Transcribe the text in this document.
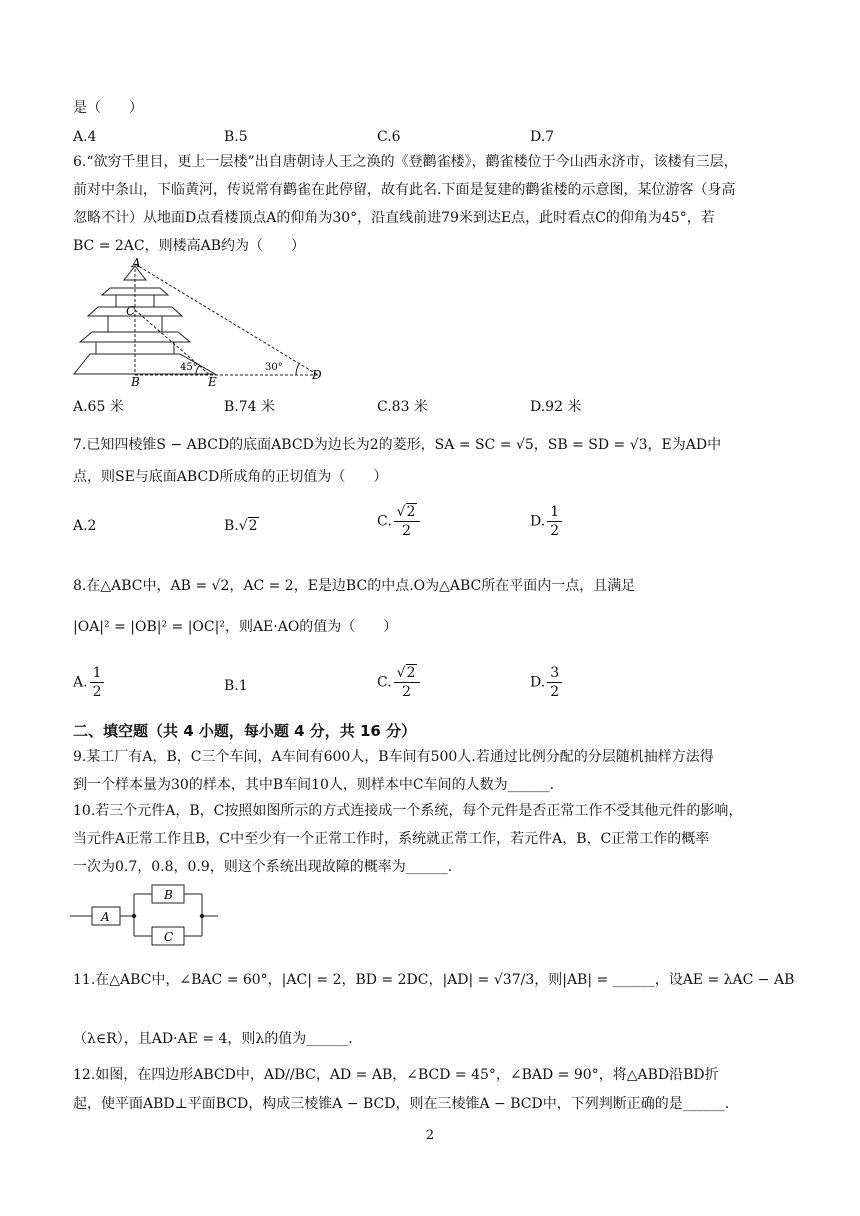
是（　　）
A.4	B.5	C.6	D.7
6.“欲穷千里目，更上一层楼”出自唐朝诗人王之涣的《登鹳雀楼》，鹳雀楼位于今山西永济市，该楼有三层，
前对中条山，下临黄河，传说常有鹳雀在此停留，故有此名.下面是复建的鹳雀楼的示意图，某位游客（身高
忽略不计）从地面D点看楼顶点A的仰角为30°，沿直线前进79米到达E点，此时看点C的仰角为45°，若
BC = 2AC，则楼高AB约为（　　）
A
C
B	E	D
45°	30°
A.65 米	B.74 米	C.83 米	D.92 米
7.已知四棱锥S − ABCD的底面ABCD为边长为2的菱形，SA = SC = √5，SB = SD = √3，E为AD中
点，则SE与底面ABCD所成角的正切值为（　　）
A.2	B.√2	C. $\frac{√2}{2}$	D. $\frac{1}{2}$
8.在△ABC中，AB = √2，AC = 2，E是边BC的中点.O为△ABC所在平面内一点，且满足
|OA|² = |OB|² = |OC|²，则AE·AO的值为（　　）
A. $\frac{1}{2}$	B.1	C. $\frac{√2}{2}$	D. $\frac{3}{2}$
二、填空题（共 4 小题，每小题 4 分，共 16 分）
9.某工厂有A，B，C三个车间，A车间有600人，B车间有500人.若通过比例分配的分层随机抽样方法得
到一个样本量为30的样本，其中B车间10人，则样本中C车间的人数为______.
10.若三个元件A，B，C按照如图所示的方式连接成一个系统，每个元件是否正常工作不受其他元件的影响，
当元件A正常工作且B，C中至少有一个正常工作时，系统就正常工作，若元件A，B，C正常工作的概率
一次为0.7，0.8，0.9，则这个系统出现故障的概率为______.
A
B
C
11.在△ABC中，∠BAC = 60°，|AC| = 2，BD = 2DC，|AD| = √37/3，则|AB| = ______，设AE = λAC − AB
（λ∈R），且AD·AE = 4，则λ的值为______.
12.如图，在四边形ABCD中，AD//BC，AD = AB，∠BCD = 45°，∠BAD = 90°，将△ABD沿BD折
起，使平面ABD⊥平面BCD，构成三棱锥A − BCD，则在三棱锥A − BCD中，下列判断正确的是______.
2
